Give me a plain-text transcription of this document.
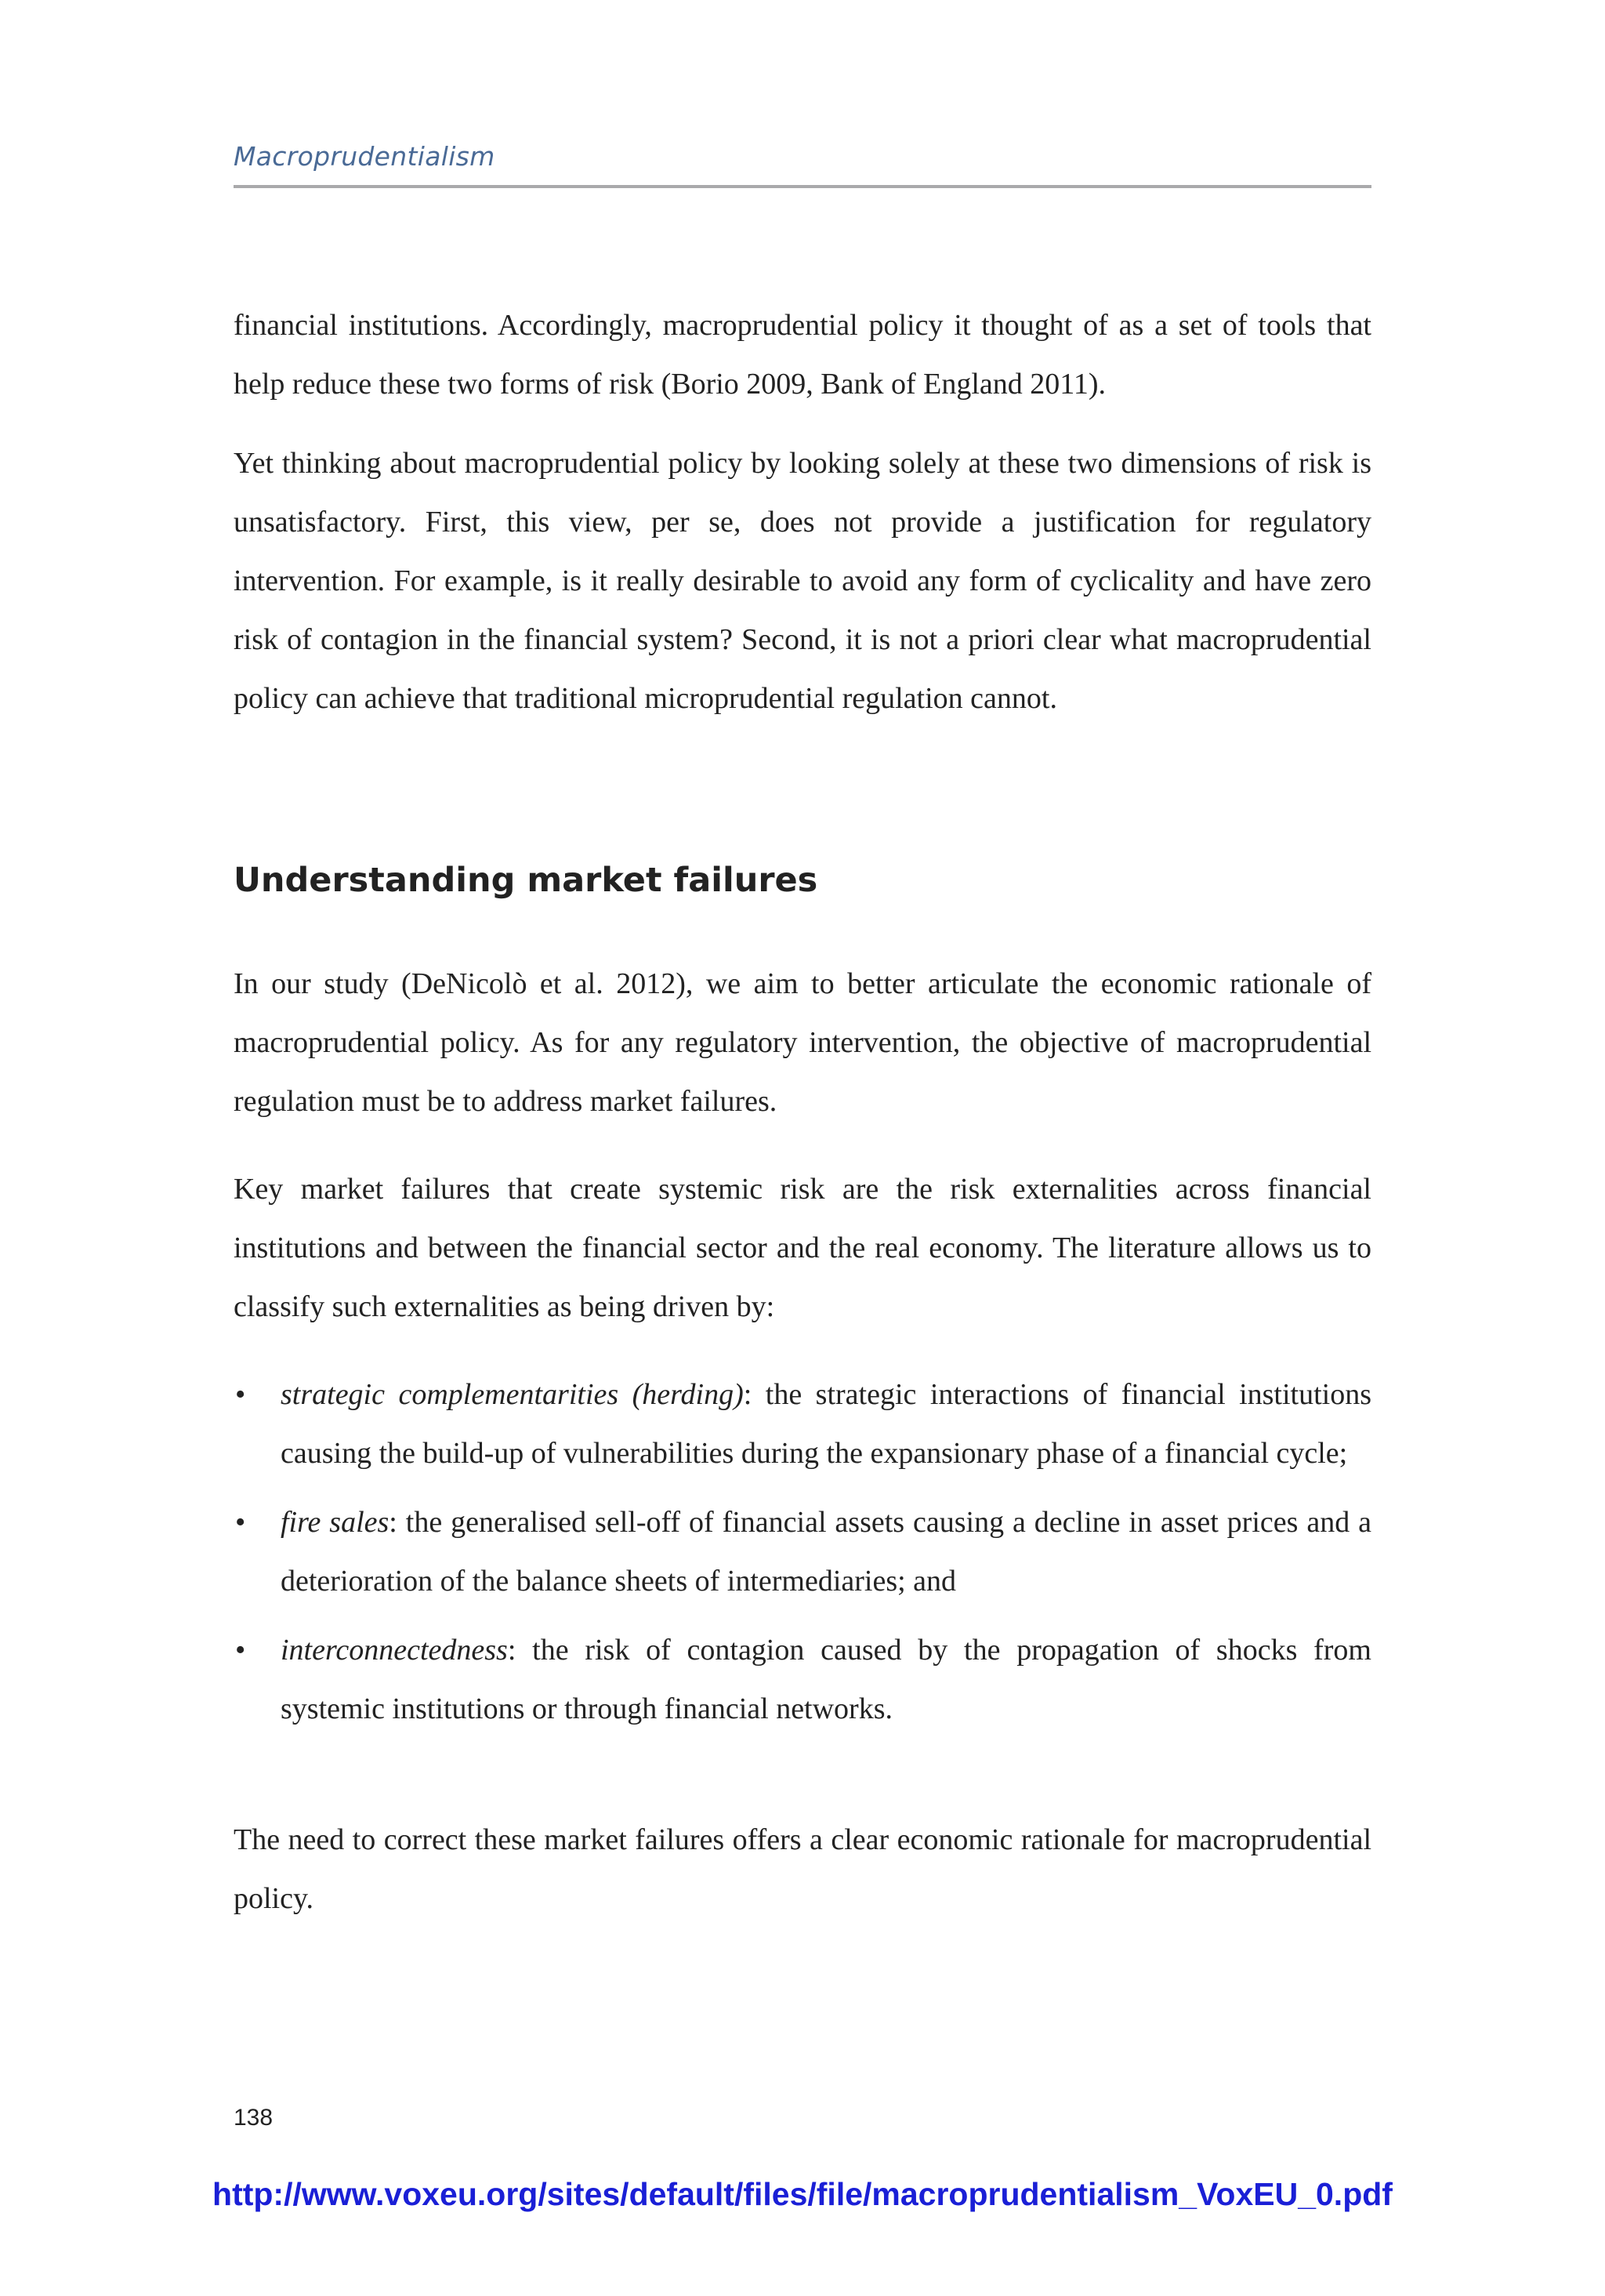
Macroprudentialism

financial institutions. Accordingly, macroprudential policy it thought of as a set of tools that help reduce these two forms of risk (Borio 2009, Bank of England 2011).

Yet thinking about macroprudential policy by looking solely at these two dimensions of risk is unsatisfactory. First, this view, per se, does not provide a justification for regulatory intervention. For example, is it really desirable to avoid any form of cyclicality and have zero risk of contagion in the financial system? Second, it is not a priori clear what macroprudential policy can achieve that traditional microprudential regulation cannot.

Understanding market failures

In our study (DeNicolò et al. 2012), we aim to better articulate the economic rationale of macroprudential policy. As for any regulatory intervention, the objective of macroprudential regulation must be to address market failures.

Key market failures that create systemic risk are the risk externalities across financial institutions and between the financial sector and the real economy. The literature allows us to classify such externalities as being driven by:

• strategic complementarities (herding): the strategic interactions of financial institutions causing the build-up of vulnerabilities during the expansionary phase of a financial cycle;
• fire sales: the generalised sell-off of financial assets causing a decline in asset prices and a deterioration of the balance sheets of intermediaries; and
• interconnectedness: the risk of contagion caused by the propagation of shocks from systemic institutions or through financial networks.

The need to correct these market failures offers a clear economic rationale for macroprudential policy.

138
http://www.voxeu.org/sites/default/files/file/macroprudentialism_VoxEU_0.pdf
